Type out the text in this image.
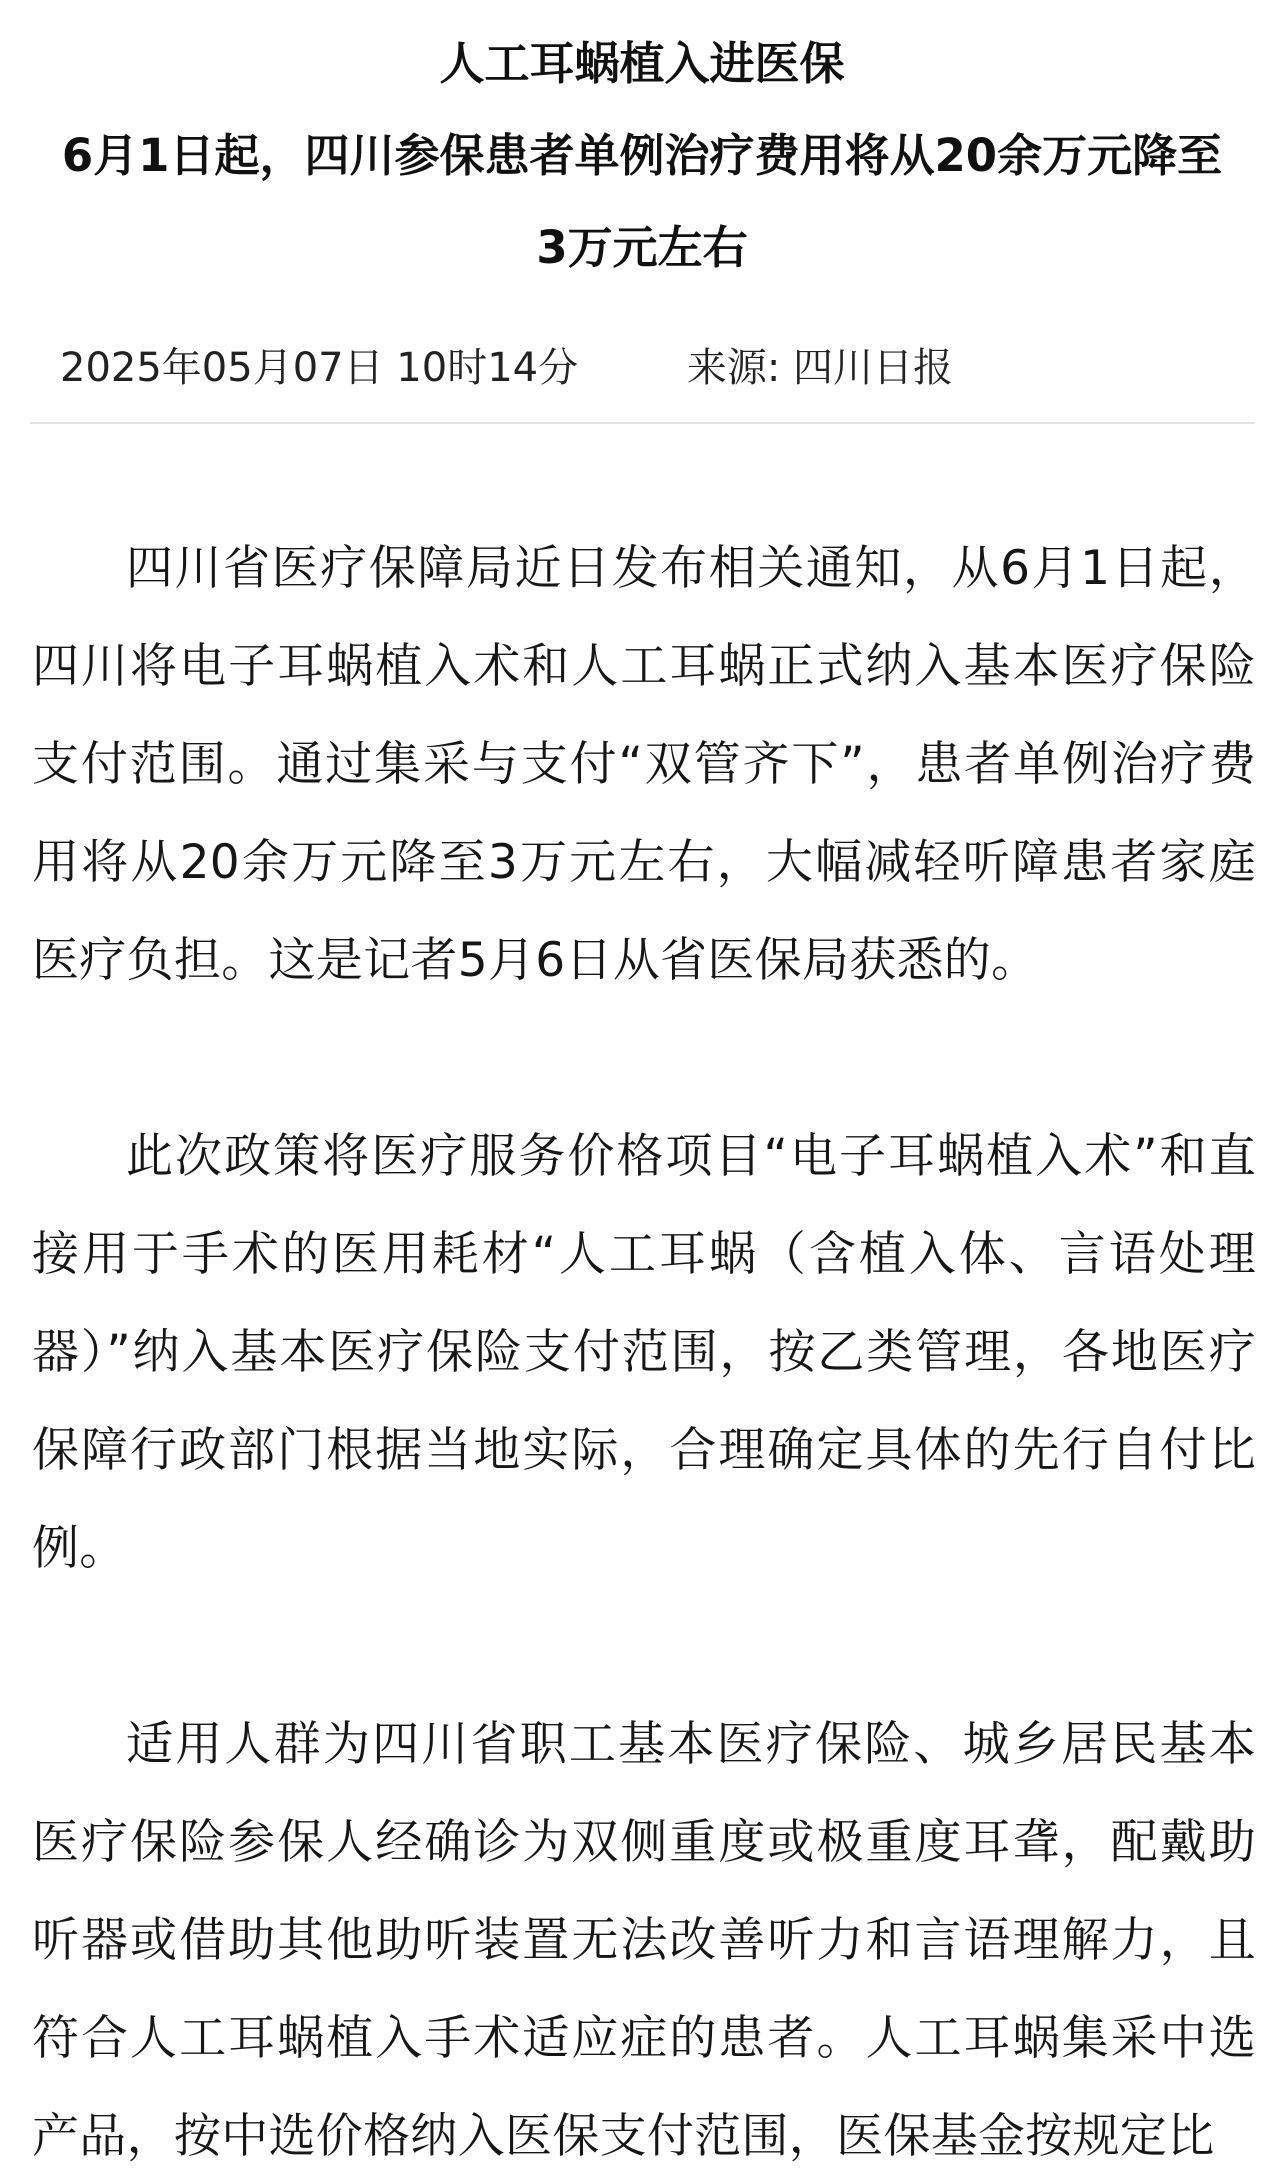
人工耳蜗植入进医保
6月1日起，四川参保患者单例治疗费用将从20余万元降至
3万元左右
2025年05月07日 10时14分	来源: 四川日报

四川省医疗保障局近日发布相关通知，从6月1日起，四川将电子耳蜗植入术和人工耳蜗正式纳入基本医疗保险支付范围。通过集采与支付“双管齐下”，患者单例治疗费用将从20余万元降至3万元左右，大幅减轻听障患者家庭医疗负担。这是记者5月6日从省医保局获悉的。

此次政策将医疗服务价格项目“电子耳蜗植入术”和直接用于手术的医用耗材“人工耳蜗（含植入体、言语处理器）”纳入基本医疗保险支付范围，按乙类管理，各地医疗保障行政部门根据当地实际，合理确定具体的先行自付比例。

适用人群为四川省职工基本医疗保险、城乡居民基本医疗保险参保人经确诊为双侧重度或极重度耳聋，配戴助听器或借助其他助听装置无法改善听力和言语理解力，且符合人工耳蜗植入手术适应症的患者。人工耳蜗集采中选产品，按中选价格纳入医保支付范围，医保基金按规定比
